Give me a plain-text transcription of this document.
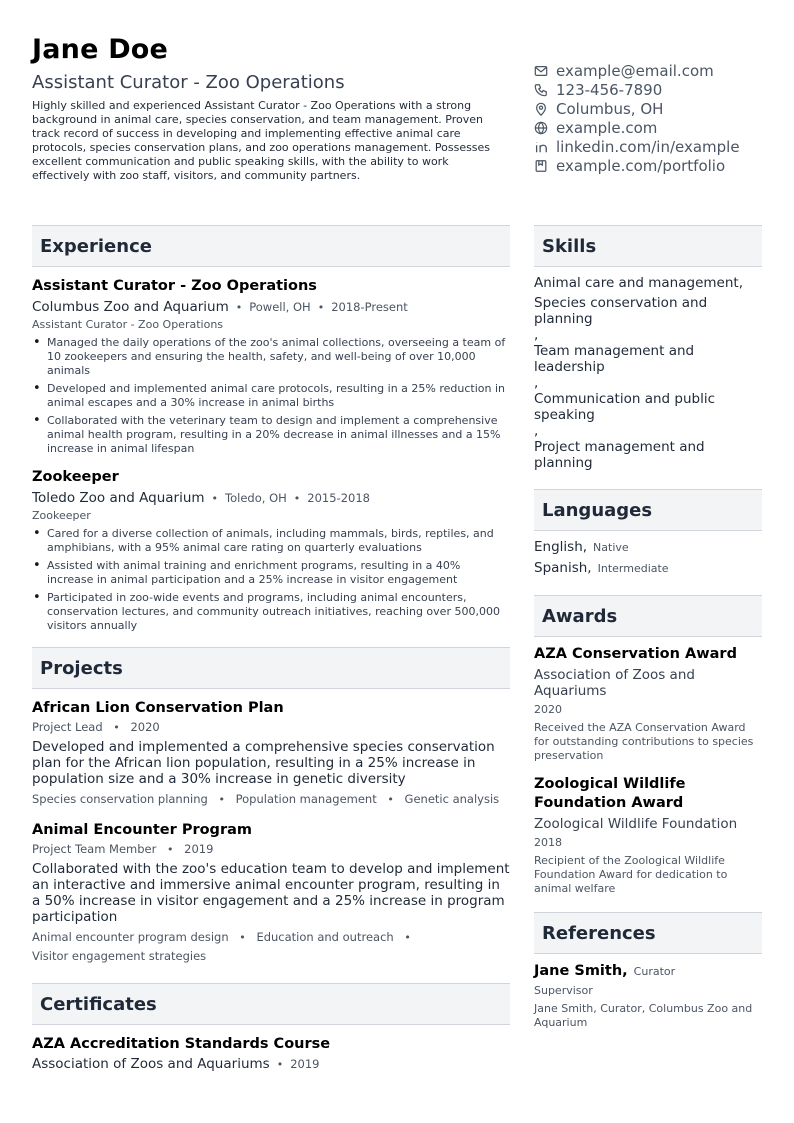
Jane Doe
Assistant Curator - Zoo Operations
Highly skilled and experienced Assistant Curator - Zoo Operations with a strong background in animal care, species conservation, and team management. Proven track record of success in developing and implementing effective animal care protocols, species conservation plans, and zoo operations management. Possesses excellent communication and public speaking skills, with the ability to work effectively with zoo staff, visitors, and community partners.
example@email.com
123-456-7890
Columbus, OH
example.com
linkedin.com/in/example
example.com/portfolio
Experience
Assistant Curator - Zoo Operations
Columbus Zoo and Aquarium • Powell, OH • 2018-Present
Assistant Curator - Zoo Operations
• Managed the daily operations of the zoo's animal collections, overseeing a team of 10 zookeepers and ensuring the health, safety, and well-being of over 10,000 animals
• Developed and implemented animal care protocols, resulting in a 25% reduction in animal escapes and a 30% increase in animal births
• Collaborated with the veterinary team to design and implement a comprehensive animal health program, resulting in a 20% decrease in animal illnesses and a 15% increase in animal lifespan
Zookeeper
Toledo Zoo and Aquarium • Toledo, OH • 2015-2018
Zookeeper
• Cared for a diverse collection of animals, including mammals, birds, reptiles, and amphibians, with a 95% animal care rating on quarterly evaluations
• Assisted with animal training and enrichment programs, resulting in a 40% increase in animal participation and a 25% increase in visitor engagement
• Participated in zoo-wide events and programs, including animal encounters, conservation lectures, and community outreach initiatives, reaching over 500,000 visitors annually
Projects
African Lion Conservation Plan
Project Lead • 2020
Developed and implemented a comprehensive species conservation plan for the African lion population, resulting in a 25% increase in population size and a 30% increase in genetic diversity
Species conservation planning • Population management • Genetic analysis
Animal Encounter Program
Project Team Member • 2019
Collaborated with the zoo's education team to develop and implement an interactive and immersive animal encounter program, resulting in a 50% increase in visitor engagement and a 25% increase in program participation
Animal encounter program design • Education and outreach •
Visitor engagement strategies
Certificates
AZA Accreditation Standards Course
Association of Zoos and Aquariums • 2019
Skills
Animal care and management,
Species conservation and planning
,
Team management and leadership
,
Communication and public speaking
,
Project management and planning
Languages
English, Native
Spanish, Intermediate
Awards
AZA Conservation Award
Association of Zoos and Aquariums
2020
Received the AZA Conservation Award for outstanding contributions to species preservation
Zoological Wildlife Foundation Award
Zoological Wildlife Foundation
2018
Recipient of the Zoological Wildlife Foundation Award for dedication to animal welfare
References
Jane Smith, Curator
Supervisor
Jane Smith, Curator, Columbus Zoo and Aquarium
